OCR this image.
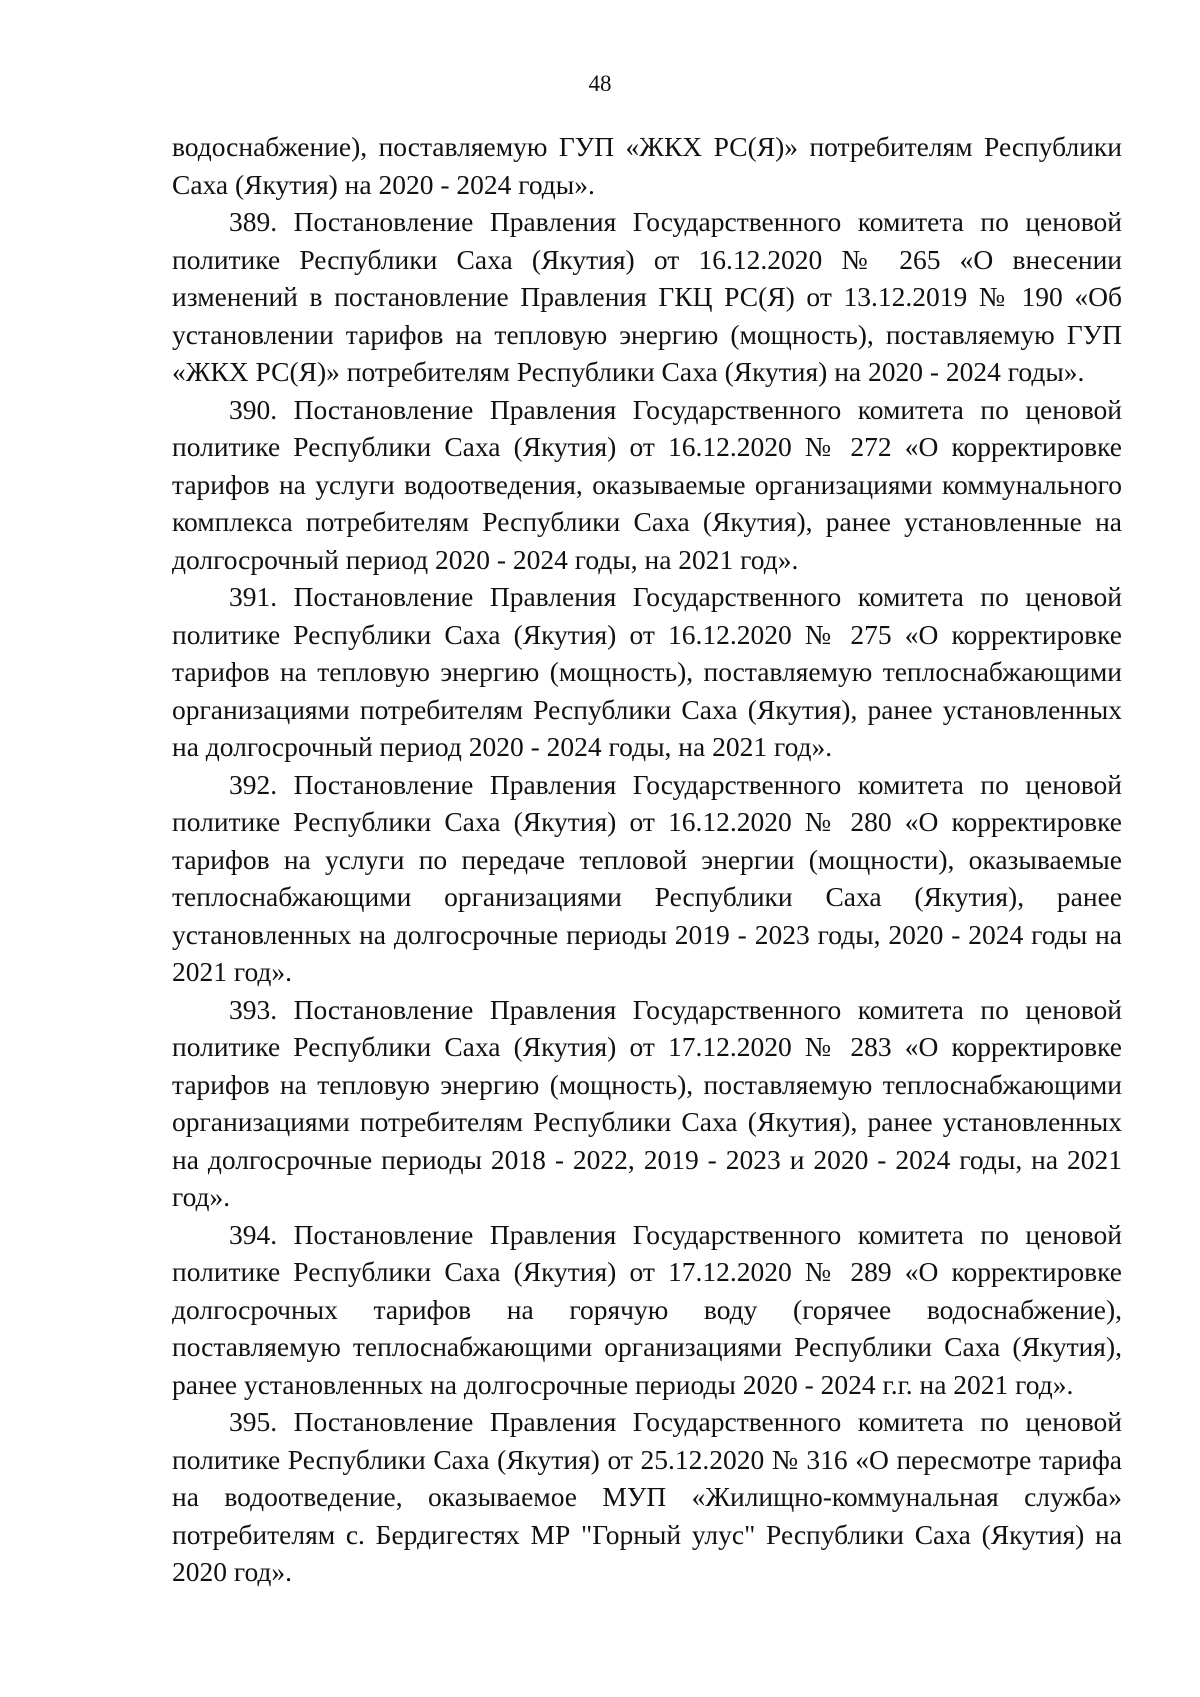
48

водоснабжение), поставляемую ГУП «ЖКХ РС(Я)» потребителям Республики Саха (Якутия) на 2020 - 2024 годы».

389. Постановление Правления Государственного комитета по ценовой политике Республики Саха (Якутия) от 16.12.2020 № 265 «О внесении изменений в постановление Правления ГКЦ РС(Я) от 13.12.2019 № 190 «Об установлении тарифов на тепловую энергию (мощность), поставляемую ГУП «ЖКХ РС(Я)» потребителям Республики Саха (Якутия) на 2020 - 2024 годы».

390. Постановление Правления Государственного комитета по ценовой политике Республики Саха (Якутия) от 16.12.2020 № 272 «О корректировке тарифов на услуги водоотведения, оказываемые организациями коммунального комплекса потребителям Республики Саха (Якутия), ранее установленные на долгосрочный период 2020 - 2024 годы, на 2021 год».

391. Постановление Правления Государственного комитета по ценовой политике Республики Саха (Якутия) от 16.12.2020 № 275 «О корректировке тарифов на тепловую энергию (мощность), поставляемую теплоснабжающими организациями потребителям Республики Саха (Якутия), ранее установленных на долгосрочный период 2020 - 2024 годы, на 2021 год».

392. Постановление Правления Государственного комитета по ценовой политике Республики Саха (Якутия) от 16.12.2020 № 280 «О корректировке тарифов на услуги по передаче тепловой энергии (мощности), оказываемые теплоснабжающими организациями Республики Саха (Якутия), ранее установленных на долгосрочные периоды 2019 - 2023 годы, 2020 - 2024 годы на 2021 год».

393. Постановление Правления Государственного комитета по ценовой политике Республики Саха (Якутия) от 17.12.2020 № 283 «О корректировке тарифов на тепловую энергию (мощность), поставляемую теплоснабжающими организациями потребителям Республики Саха (Якутия), ранее установленных на долгосрочные периоды 2018 - 2022, 2019 - 2023 и 2020 - 2024 годы, на 2021 год».

394. Постановление Правления Государственного комитета по ценовой политике Республики Саха (Якутия) от 17.12.2020 № 289 «О корректировке долгосрочных тарифов на горячую воду (горячее водоснабжение), поставляемую теплоснабжающими организациями Республики Саха (Якутия), ранее установленных на долгосрочные периоды 2020 - 2024 г.г. на 2021 год».

395. Постановление Правления Государственного комитета по ценовой политике Республики Саха (Якутия) от 25.12.2020 № 316 «О пересмотре тарифа на водоотведение, оказываемое МУП «Жилищно-коммунальная служба» потребителям с. Бердигестях МР "Горный улус" Республики Саха (Якутия) на 2020 год».
